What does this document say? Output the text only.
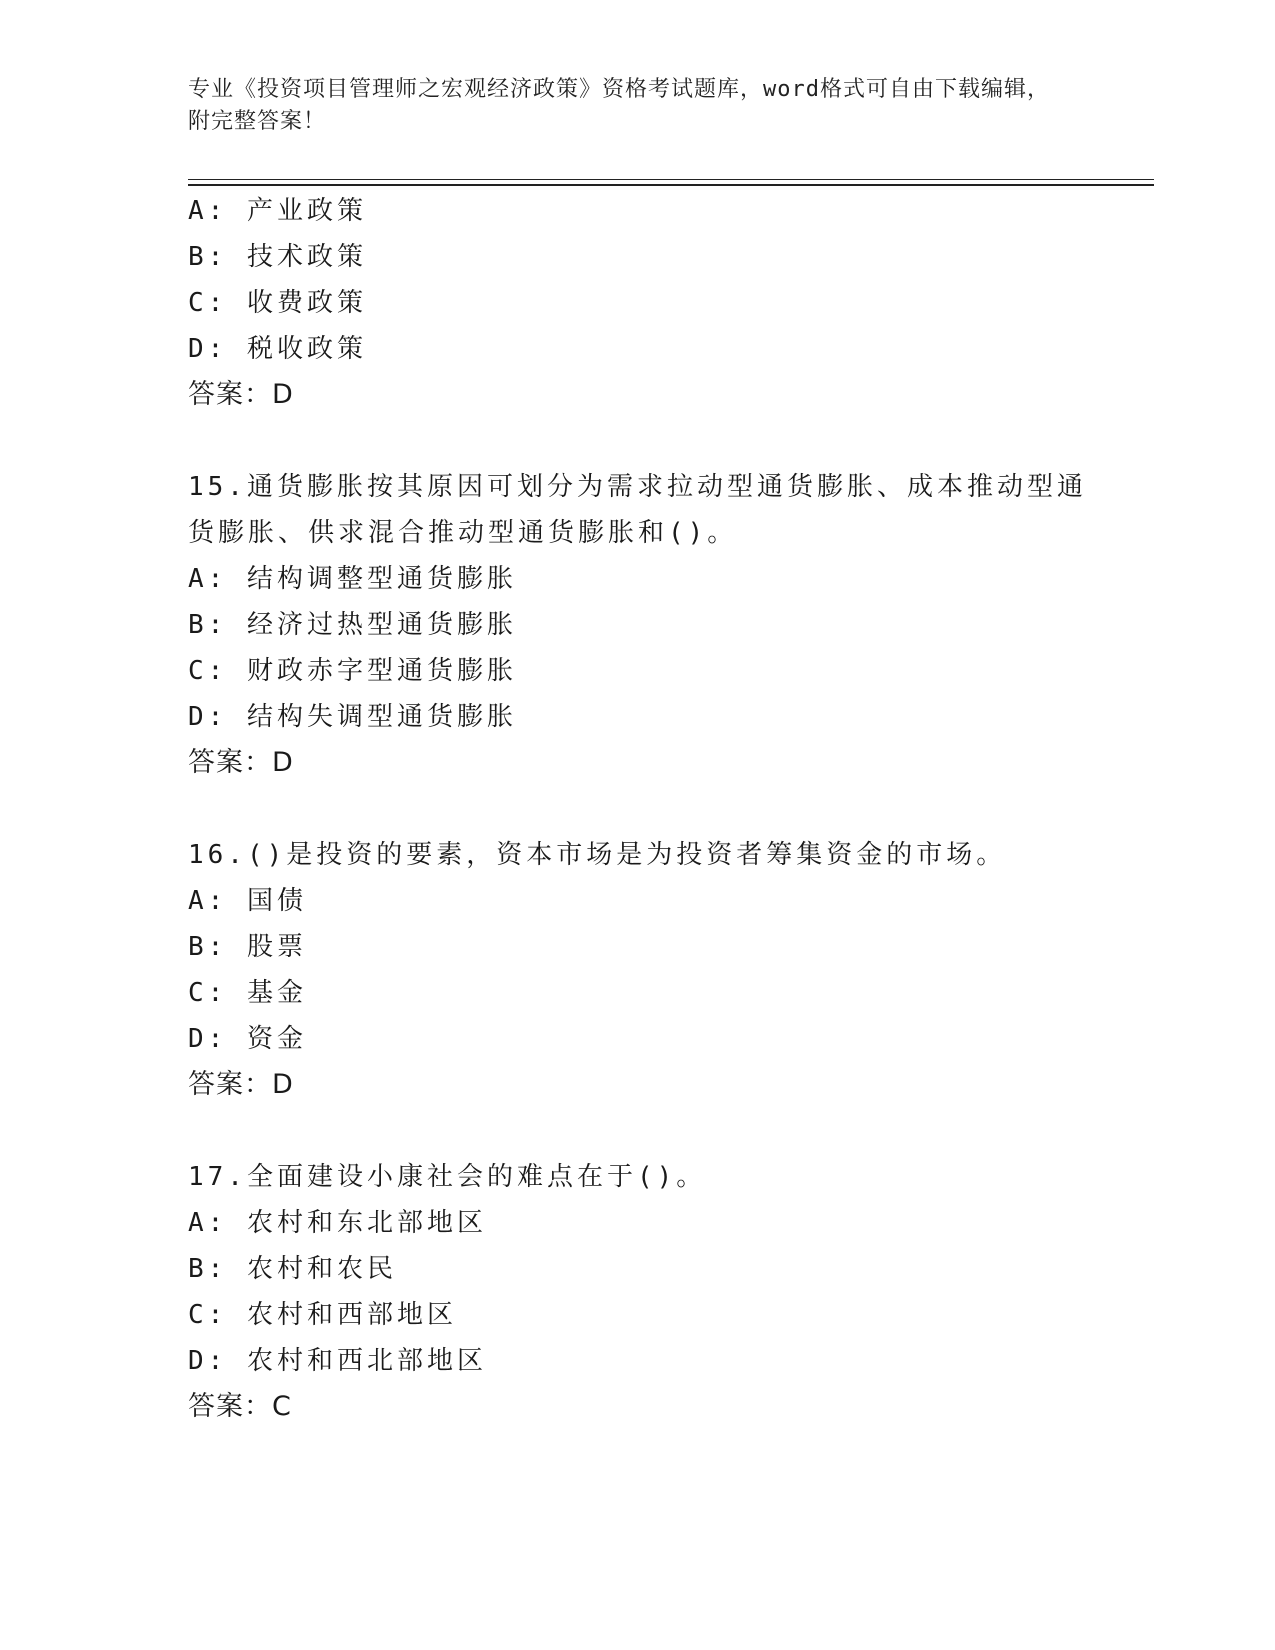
专业《投资项目管理师之宏观经济政策》资格考试题库，word格式可自由下载编辑，附完整答案！
A: 产业政策
B: 技术政策
C: 收费政策
D: 税收政策
答案：D
15.通货膨胀按其原因可划分为需求拉动型通货膨胀、成本推动型通货膨胀、供求混合推动型通货膨胀和()。
A: 结构调整型通货膨胀
B: 经济过热型通货膨胀
C: 财政赤字型通货膨胀
D: 结构失调型通货膨胀
答案：D
16.()是投资的要素，资本市场是为投资者筹集资金的市场。
A: 国债
B: 股票
C: 基金
D: 资金
答案：D
17.全面建设小康社会的难点在于()。
A: 农村和东北部地区
B: 农村和农民
C: 农村和西部地区
D: 农村和西北部地区
答案：C
